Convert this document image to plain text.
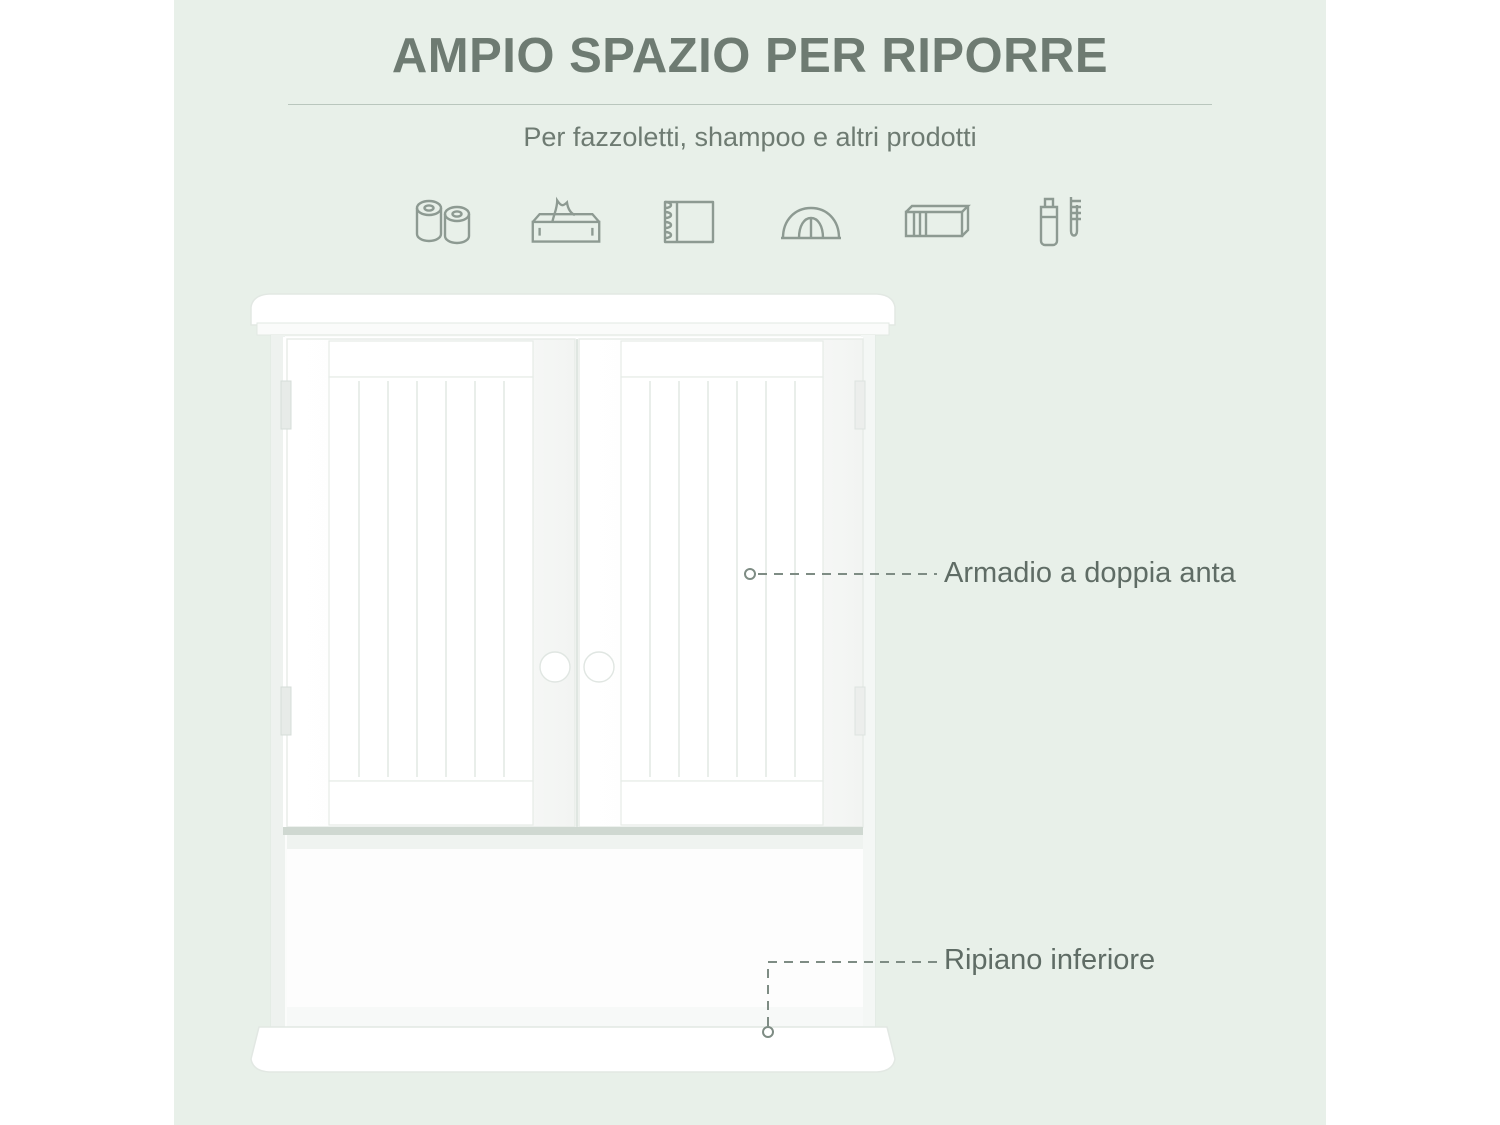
AMPIO SPAZIO PER RIPORRE
Per fazzoletti, shampoo e altri prodotti
Armadio a doppia anta
Ripiano inferiore
